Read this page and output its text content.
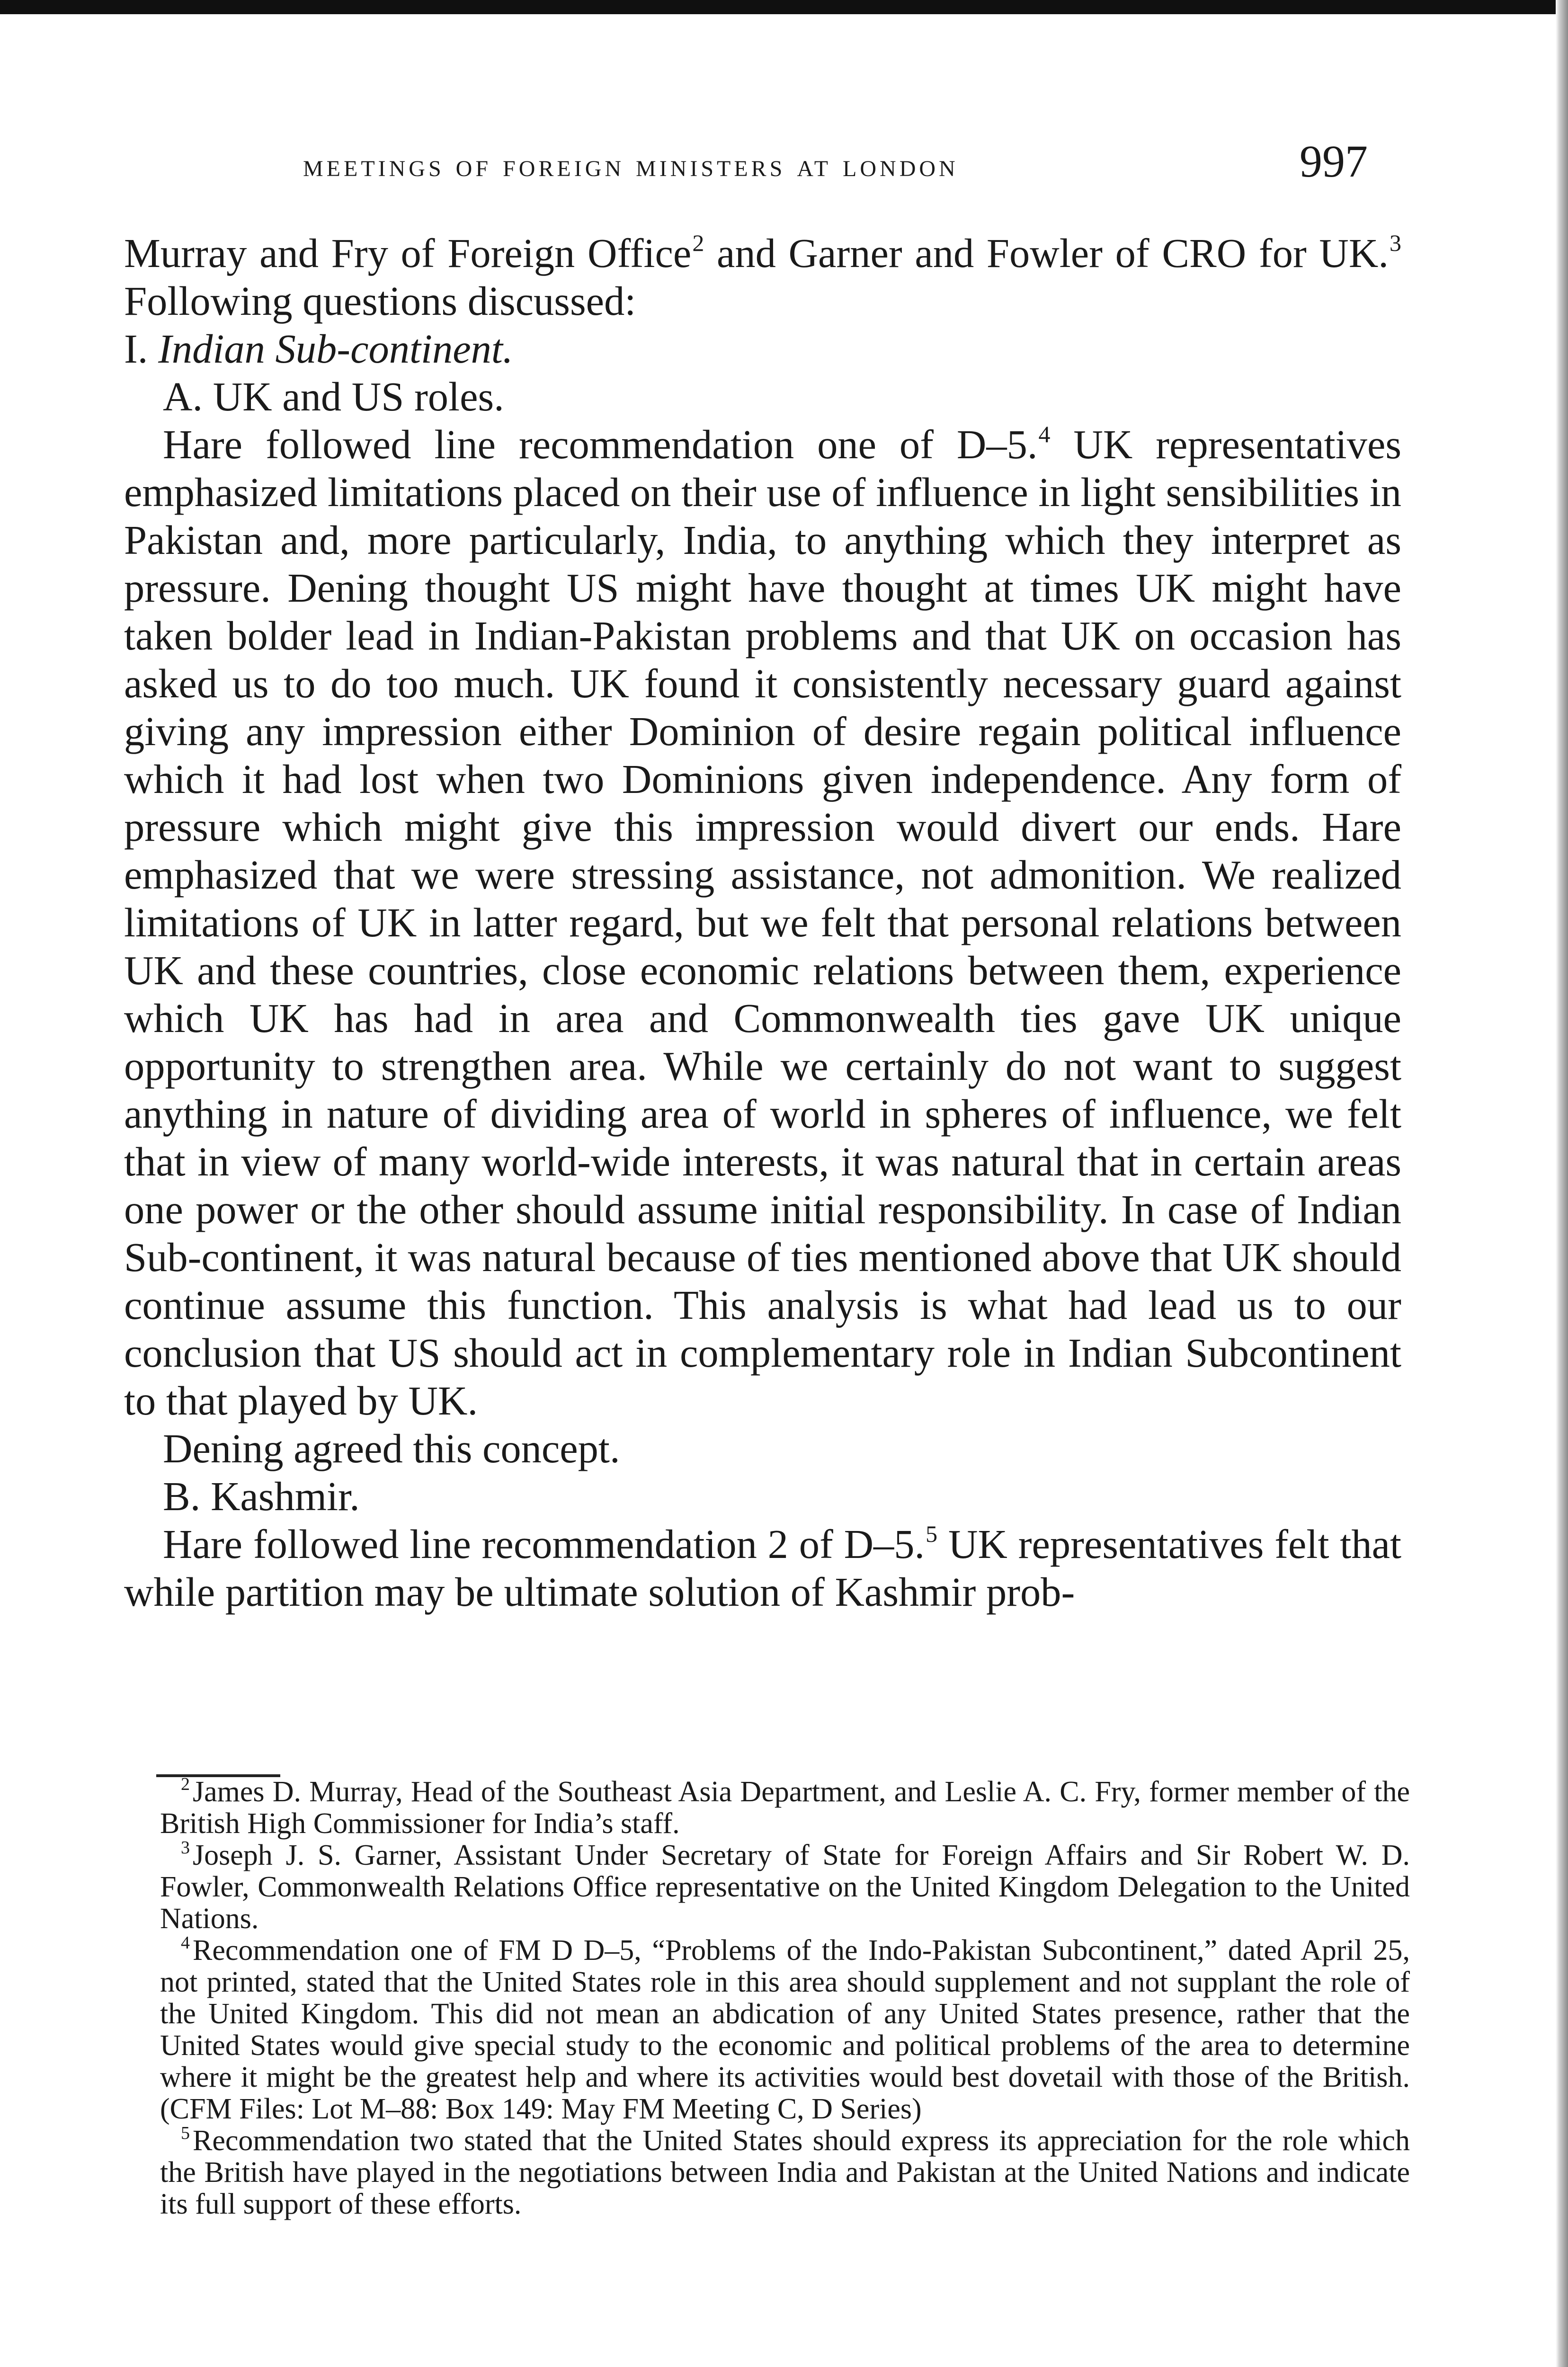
meetings of foreign ministers at london	997

Murray and Fry of Foreign Office$^2$ and Garner and Fowler of CRO for UK.$^3$ Following questions discussed:

I. Indian Sub-continent.

A. UK and US roles.

Hare followed line recommendation one of D–5.$^4$ UK representatives emphasized limitations placed on their use of influence in light sensibilities in Pakistan and, more particularly, India, to anything which they interpret as pressure. Dening thought US might have thought at times UK might have taken bolder lead in Indian-Pakistan problems and that UK on occasion has asked us to do too much. UK found it consistently necessary guard against giving any impression either Dominion of desire regain political influence which it had lost when two Dominions given independence. Any form of pressure which might give this impression would divert our ends. Hare emphasized that we were stressing assistance, not admonition. We realized limitations of UK in latter regard, but we felt that personal relations between UK and these countries, close economic relations between them, experience which UK has had in area and Commonwealth ties gave UK unique opportunity to strengthen area. While we certainly do not want to suggest anything in nature of dividing area of world in spheres of influence, we felt that in view of many world-wide interests, it was natural that in certain areas one power or the other should assume initial responsibility. In case of Indian Sub-continent, it was natural because of ties mentioned above that UK should continue assume this function. This analysis is what had lead us to our conclusion that US should act in complementary role in Indian Subcontinent to that played by UK.

Dening agreed this concept.

B. Kashmir.

Hare followed line recommendation 2 of D–5.$^5$ UK representatives felt that while partition may be ultimate solution of Kashmir prob-

$^2$James D. Murray, Head of the Southeast Asia Department, and Leslie A. C. Fry, former member of the British High Commissioner for India’s staff.

$^3$Joseph J. S. Garner, Assistant Under Secretary of State for Foreign Affairs and Sir Robert W. D. Fowler, Commonwealth Relations Office representative on the United Kingdom Delegation to the United Nations.

$^4$Recommendation one of FM D D–5, “Problems of the Indo-Pakistan Subcontinent,” dated April 25, not printed, stated that the United States role in this area should supplement and not supplant the role of the United Kingdom. This did not mean an abdication of any United States presence, rather that the United States would give special study to the economic and political problems of the area to determine where it might be the greatest help and where its activities would best dovetail with those of the British. (CFM Files: Lot M–88: Box 149: May FM Meeting C, D Series)

$^5$Recommendation two stated that the United States should express its appreciation for the role which the British have played in the negotiations between India and Pakistan at the United Nations and indicate its full support of these efforts.
